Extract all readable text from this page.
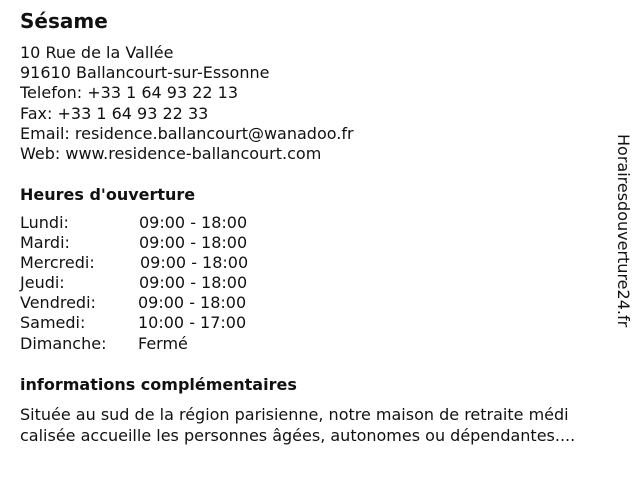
Sésame
10 Rue de la Vallée
91610 Ballancourt-sur-Essonne
Telefon: +33 1 64 93 22 13
Fax: +33 1 64 93 22 33
Email: residence.ballancourt@wanadoo.fr
Web: www.residence-ballancourt.com
Heures d'ouverture
Lundi:	09:00 - 18:00
Mardi:	09:00 - 18:00
Mercredi:	09:00 - 18:00
Jeudi:	09:00 - 18:00
Vendredi:	09:00 - 18:00
Samedi:	10:00 - 17:00
Dimanche: Fermé
informations complémentaires
Située au sud de la région parisienne, notre maison de retraite médi
calisée accueille les personnes âgées, autonomes ou dépendantes....
Horairesdouverture24.fr
